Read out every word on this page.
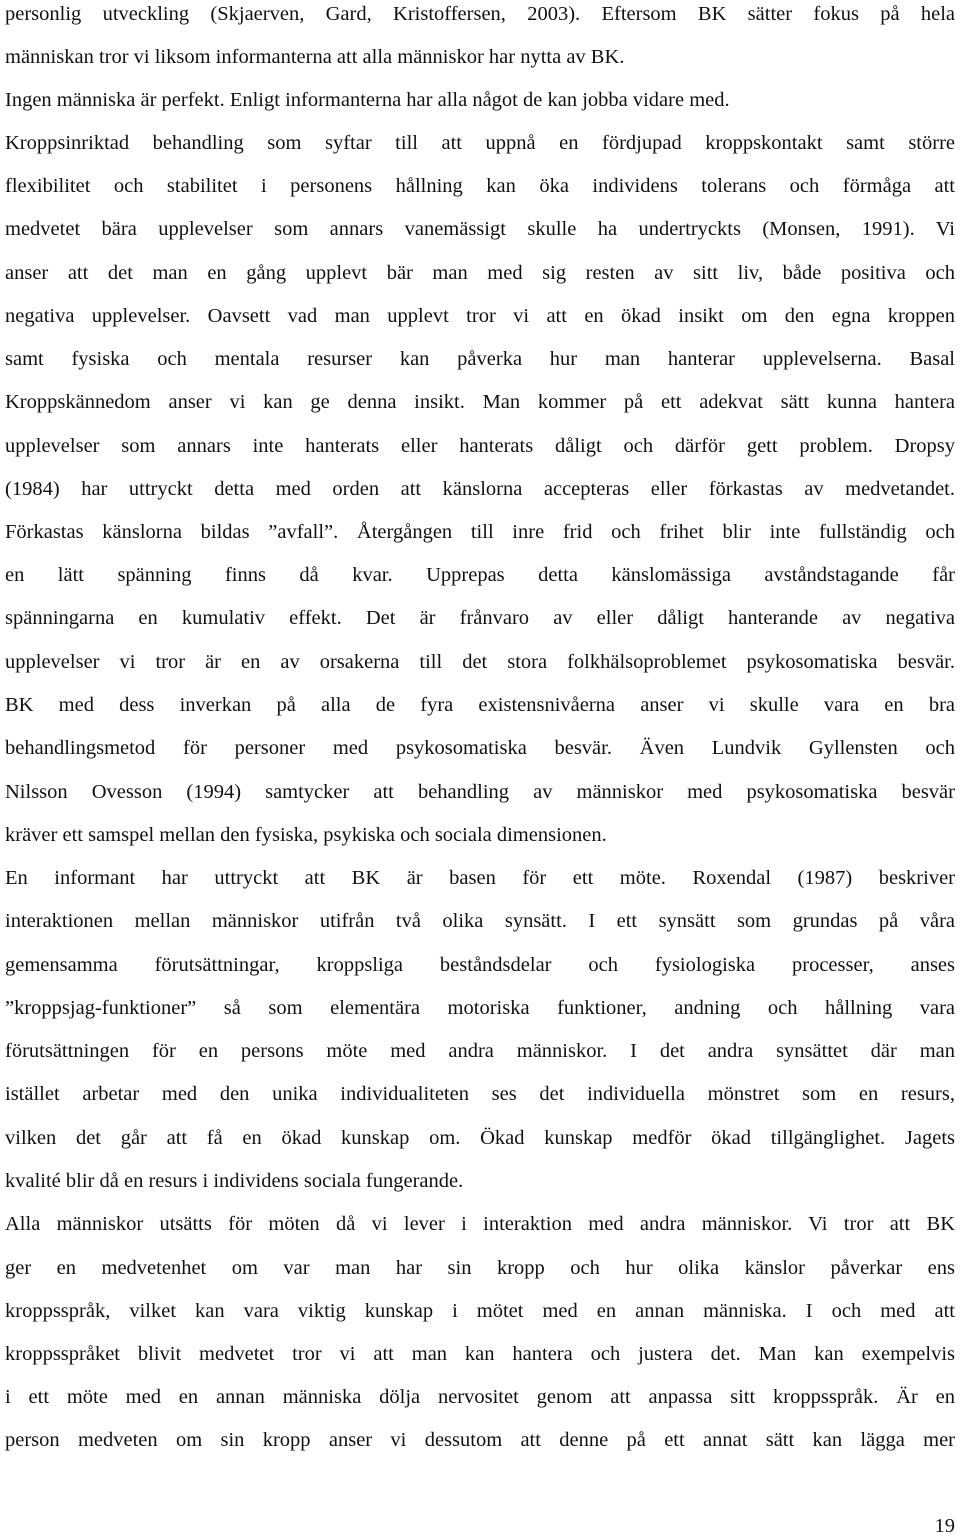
personlig utveckling (Skjaerven, Gard, Kristoffersen, 2003). Eftersom BK sätter fokus på hela
människan tror vi liksom informanterna att alla människor har nytta av BK.
Ingen människa är perfekt. Enligt informanterna har alla något de kan jobba vidare med.
Kroppsinriktad behandling som syftar till att uppnå en fördjupad kroppskontakt samt större
flexibilitet och stabilitet i personens hållning kan öka individens tolerans och förmåga att
medvetet bära upplevelser som annars vanemässigt skulle ha undertryckts (Monsen, 1991). Vi
anser att det man en gång upplevt bär man med sig resten av sitt liv, både positiva och
negativa upplevelser. Oavsett vad man upplevt tror vi att en ökad insikt om den egna kroppen
samt fysiska och mentala resurser kan påverka hur man hanterar upplevelserna. Basal
Kroppskännedom anser vi kan ge denna insikt. Man kommer på ett adekvat sätt kunna hantera
upplevelser som annars inte hanterats eller hanterats dåligt och därför gett problem. Dropsy
(1984) har uttryckt detta med orden att känslorna accepteras eller förkastas av medvetandet.
Förkastas känslorna bildas ”avfall”. Återgången till inre frid och frihet blir inte fullständig och
en lätt spänning finns då kvar. Upprepas detta känslomässiga avståndstagande får
spänningarna en kumulativ effekt. Det är frånvaro av eller dåligt hanterande av negativa
upplevelser vi tror är en av orsakerna till det stora folkhälsoproblemet psykosomatiska besvär.
BK med dess inverkan på alla de fyra existensnivåerna anser vi skulle vara en bra
behandlingsmetod för personer med psykosomatiska besvär. Även Lundvik Gyllensten och
Nilsson Ovesson (1994) samtycker att behandling av människor med psykosomatiska besvär
kräver ett samspel mellan den fysiska, psykiska och sociala dimensionen.
En informant har uttryckt att BK är basen för ett möte. Roxendal (1987) beskriver
interaktionen mellan människor utifrån två olika synsätt. I ett synsätt som grundas på våra
gemensamma förutsättningar, kroppsliga beståndsdelar och fysiologiska processer, anses
”kroppsjag-funktioner” så som elementära motoriska funktioner, andning och hållning vara
förutsättningen för en persons möte med andra människor. I det andra synsättet där man
istället arbetar med den unika individualiteten ses det individuella mönstret som en resurs,
vilken det går att få en ökad kunskap om. Ökad kunskap medför ökad tillgänglighet. Jagets
kvalité blir då en resurs i individens sociala fungerande.
Alla människor utsätts för möten då vi lever i interaktion med andra människor. Vi tror att BK
ger en medvetenhet om var man har sin kropp och hur olika känslor påverkar ens
kroppsspråk, vilket kan vara viktig kunskap i mötet med en annan människa. I och med att
kroppsspråket blivit medvetet tror vi att man kan hantera och justera det. Man kan exempelvis
i ett möte med en annan människa dölja nervositet genom att anpassa sitt kroppsspråk. Är en
person medveten om sin kropp anser vi dessutom att denne på ett annat sätt kan lägga mer
19
